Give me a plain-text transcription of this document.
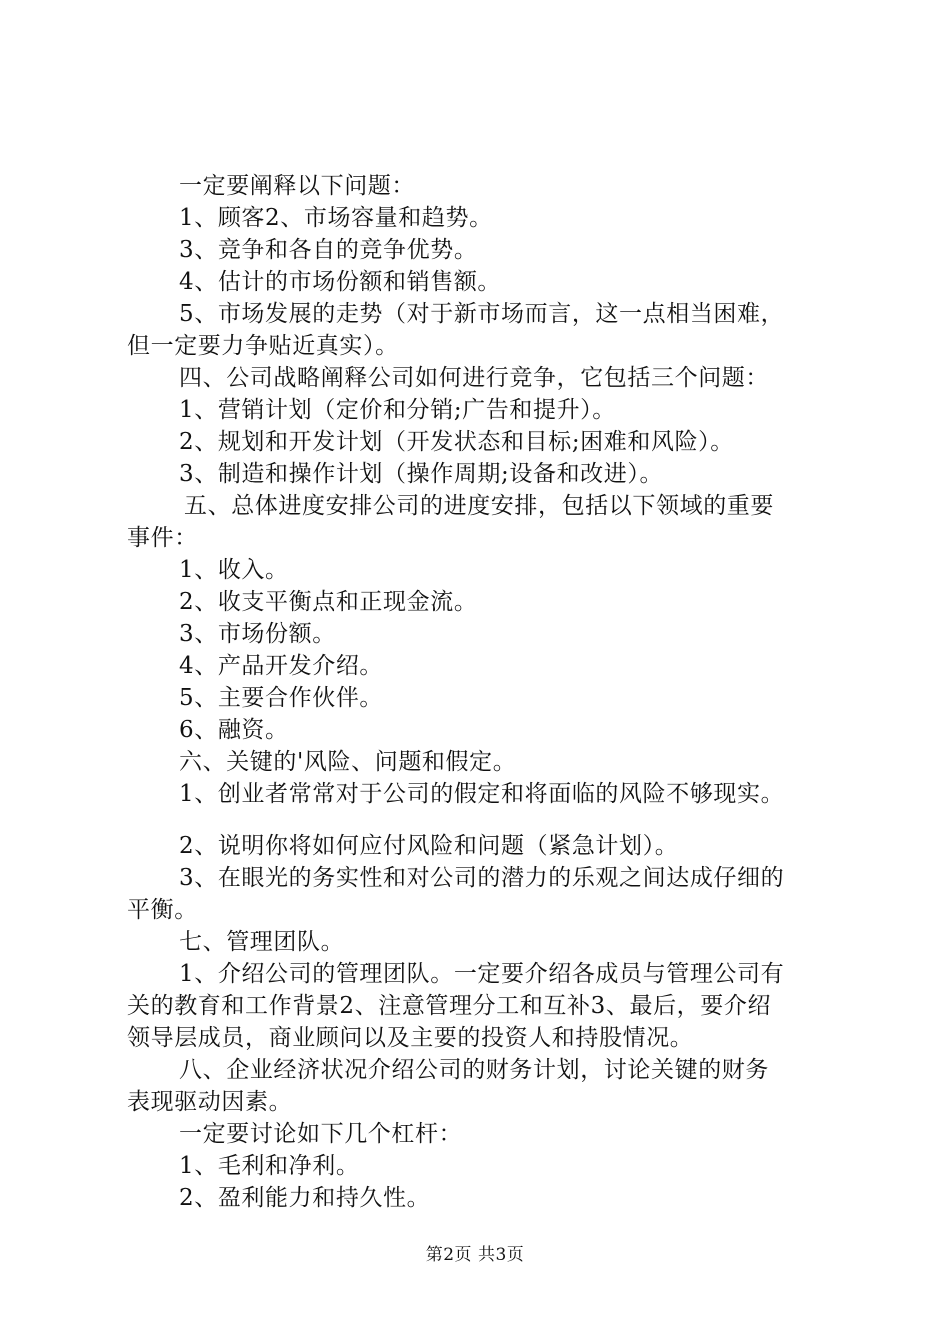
一定要阐释以下问题：
1、顾客2、市场容量和趋势。
3、竞争和各自的竞争优势。
4、估计的市场份额和销售额。
5、市场发展的走势（对于新市场而言，这一点相当困难，
但一定要力争贴近真实）。
四、公司战略阐释公司如何进行竞争，它包括三个问题：
1、营销计划（定价和分销;广告和提升）。
2、规划和开发计划（开发状态和目标;困难和风险）。
3、制造和操作计划（操作周期;设备和改进）。
五、总体进度安排公司的进度安排，包括以下领域的重要
事件：
1、收入。
2、收支平衡点和正现金流。
3、市场份额。
4、产品开发介绍。
5、主要合作伙伴。
6、融资。
六、关键的'风险、问题和假定。
1、创业者常常对于公司的假定和将面临的风险不够现实。
2、说明你将如何应付风险和问题（紧急计划）。
3、在眼光的务实性和对公司的潜力的乐观之间达成仔细的
平衡。
七、管理团队。
1、介绍公司的管理团队。一定要介绍各成员与管理公司有
关的教育和工作背景2、注意管理分工和互补3、最后，要介绍
领导层成员，商业顾问以及主要的投资人和持股情况。
八、企业经济状况介绍公司的财务计划，讨论关键的财务
表现驱动因素。
一定要讨论如下几个杠杆：
1、毛利和净利。
2、盈利能力和持久性。
第2页 共3页
